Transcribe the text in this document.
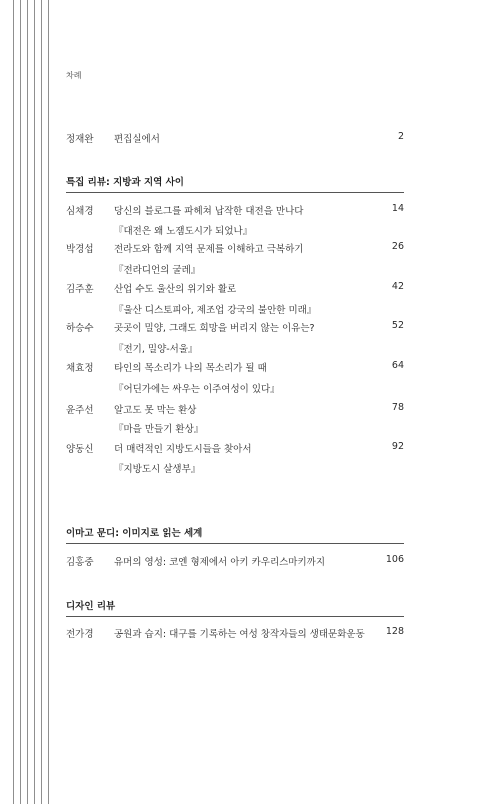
차례
정재완 편집실에서	2
특집 리뷰: 지방과 지역 사이
심채경 당신의 블로그를 파헤쳐 납작한 대전을 만나다	14
『대전은 왜 노잼도시가 되었나』
박경섭 전라도와 함께 지역 문제를 이해하고 극복하기	26
『전라디언의 굴레』
김주훈 산업 수도 울산의 위기와 활로	42
『울산 디스토피아, 제조업 강국의 불안한 미래』
하승수 곳곳이 밀양, 그래도 희망을 버리지 않는 이유는?	52
『전기, 밀양-서울』
채효정 타인의 목소리가 나의 목소리가 될 때	64
『어딘가에는 싸우는 이주여성이 있다』
윤주선 알고도 못 막는 환상	78
『마을 만들기 환상』
양동신 더 매력적인 지방도시들을 찾아서	92
『지방도시 살생부』
이마고 문디: 이미지로 읽는 세계
김홍중 유머의 영성: 코엔 형제에서 아키 카우리스마키까지	106
디자인 리뷰
전가경 공원과 습지: 대구를 기록하는 여성 창작자들의 생태문화운동 128
